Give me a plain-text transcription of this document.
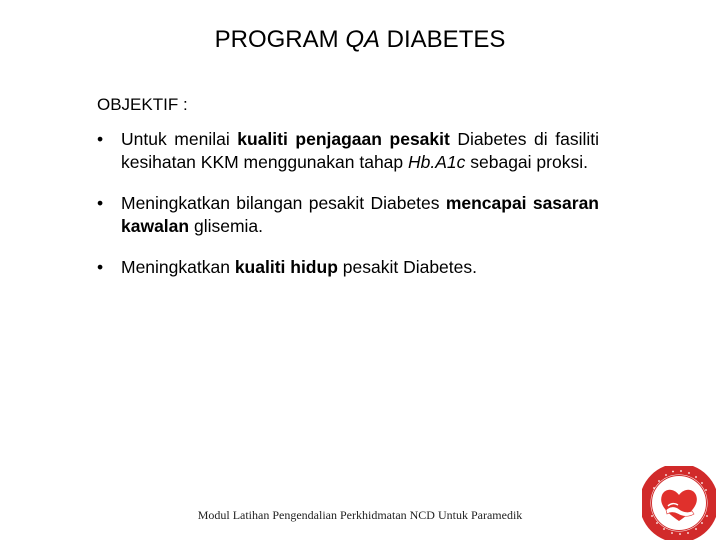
PROGRAM QA DIABETES
OBJEKTIF :
• Untuk menilai kualiti penjagaan pesakit Diabetes di fasiliti kesihatan KKM menggunakan tahap Hb.A1c sebagai proksi.
• Meningkatkan bilangan pesakit Diabetes mencapai sasaran kawalan glisemia.
• Meningkatkan kualiti hidup pesakit Diabetes.
Modul Latihan Pengendalian Perkhidmatan NCD Untuk Paramedik
